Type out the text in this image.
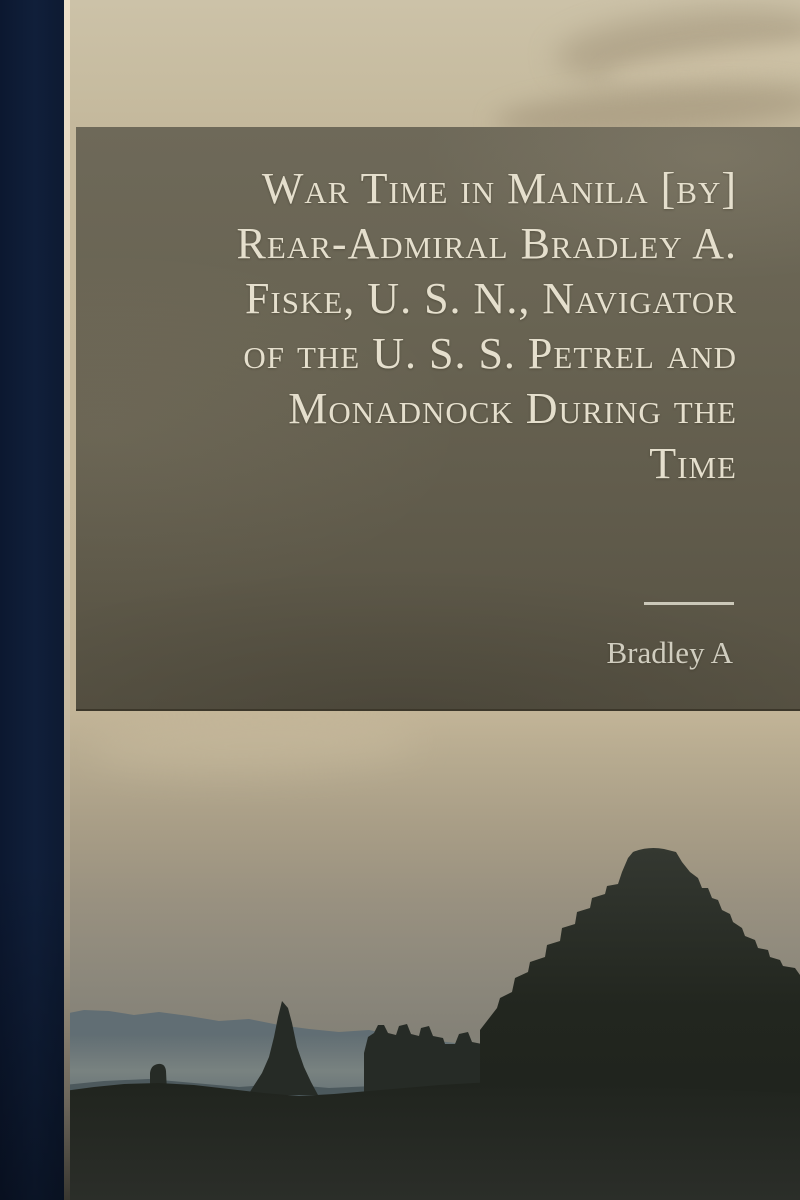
War Time in Manila [by]
Rear-Admiral Bradley A.
Fiske, U. S. N., Navigator
of the U. S. S. Petrel and
Monadnock During the
Time
Bradley A
